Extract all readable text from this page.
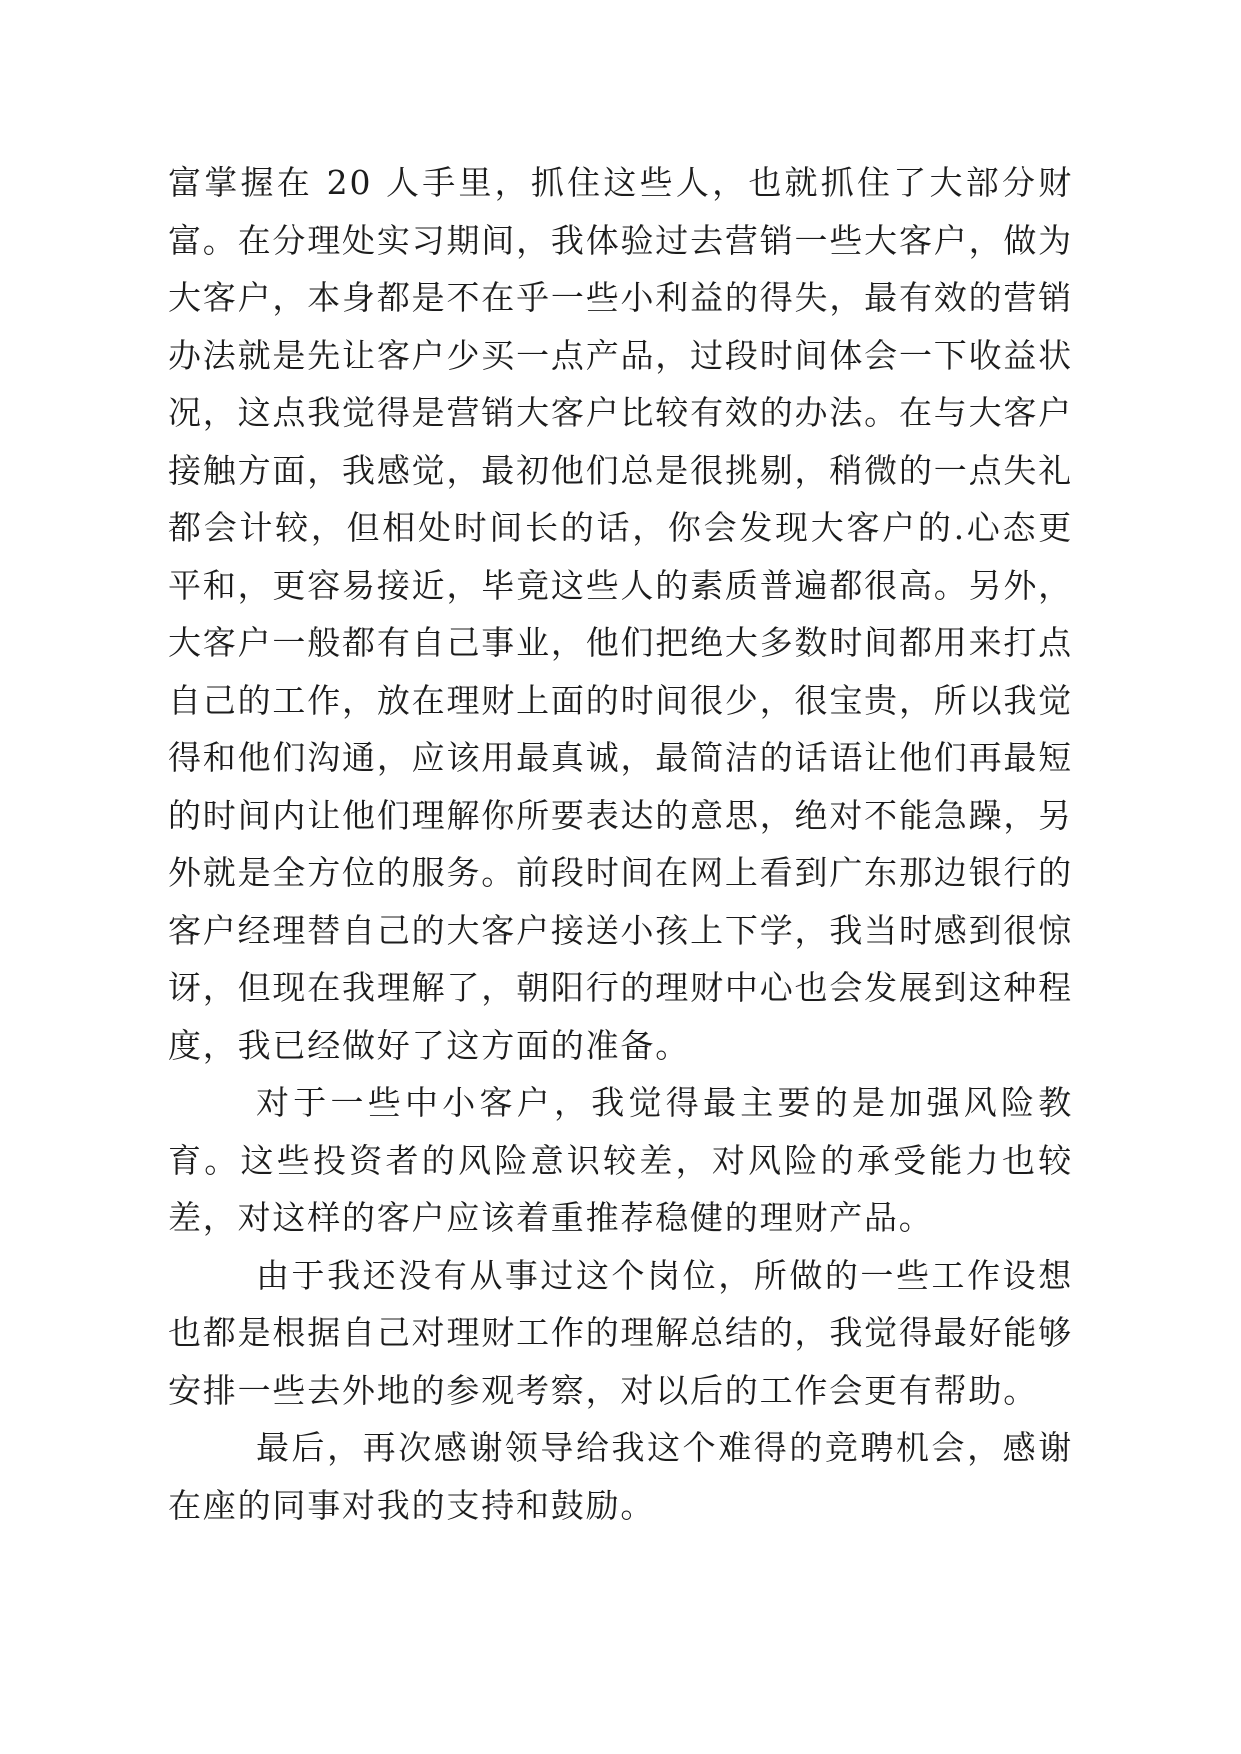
富掌握在 20 人手里，抓住这些人，也就抓住了大部分财富。在分理处实习期间，我体验过去营销一些大客户，做为大客户，本身都是不在乎一些小利益的得失，最有效的营销办法就是先让客户少买一点产品，过段时间体会一下收益状况，这点我觉得是营销大客户比较有效的办法。在与大客户接触方面，我感觉，最初他们总是很挑剔，稍微的一点失礼都会计较，但相处时间长的话，你会发现大客户的.心态更平和，更容易接近，毕竟这些人的素质普遍都很高。另外，大客户一般都有自己事业，他们把绝大多数时间都用来打点自己的工作，放在理财上面的时间很少，很宝贵，所以我觉得和他们沟通，应该用最真诚，最简洁的话语让他们再最短的时间内让他们理解你所要表达的意思，绝对不能急躁，另外就是全方位的服务。前段时间在网上看到广东那边银行的客户经理替自己的大客户接送小孩上下学，我当时感到很惊讶，但现在我理解了，朝阳行的理财中心也会发展到这种程度，我已经做好了这方面的准备。

对于一些中小客户，我觉得最主要的是加强风险教育。这些投资者的风险意识较差，对风险的承受能力也较差，对这样的客户应该着重推荐稳健的理财产品。

由于我还没有从事过这个岗位，所做的一些工作设想也都是根据自己对理财工作的理解总结的，我觉得最好能够安排一些去外地的参观考察，对以后的工作会更有帮助。

最后，再次感谢领导给我这个难得的竞聘机会，感谢在座的同事对我的支持和鼓励。
